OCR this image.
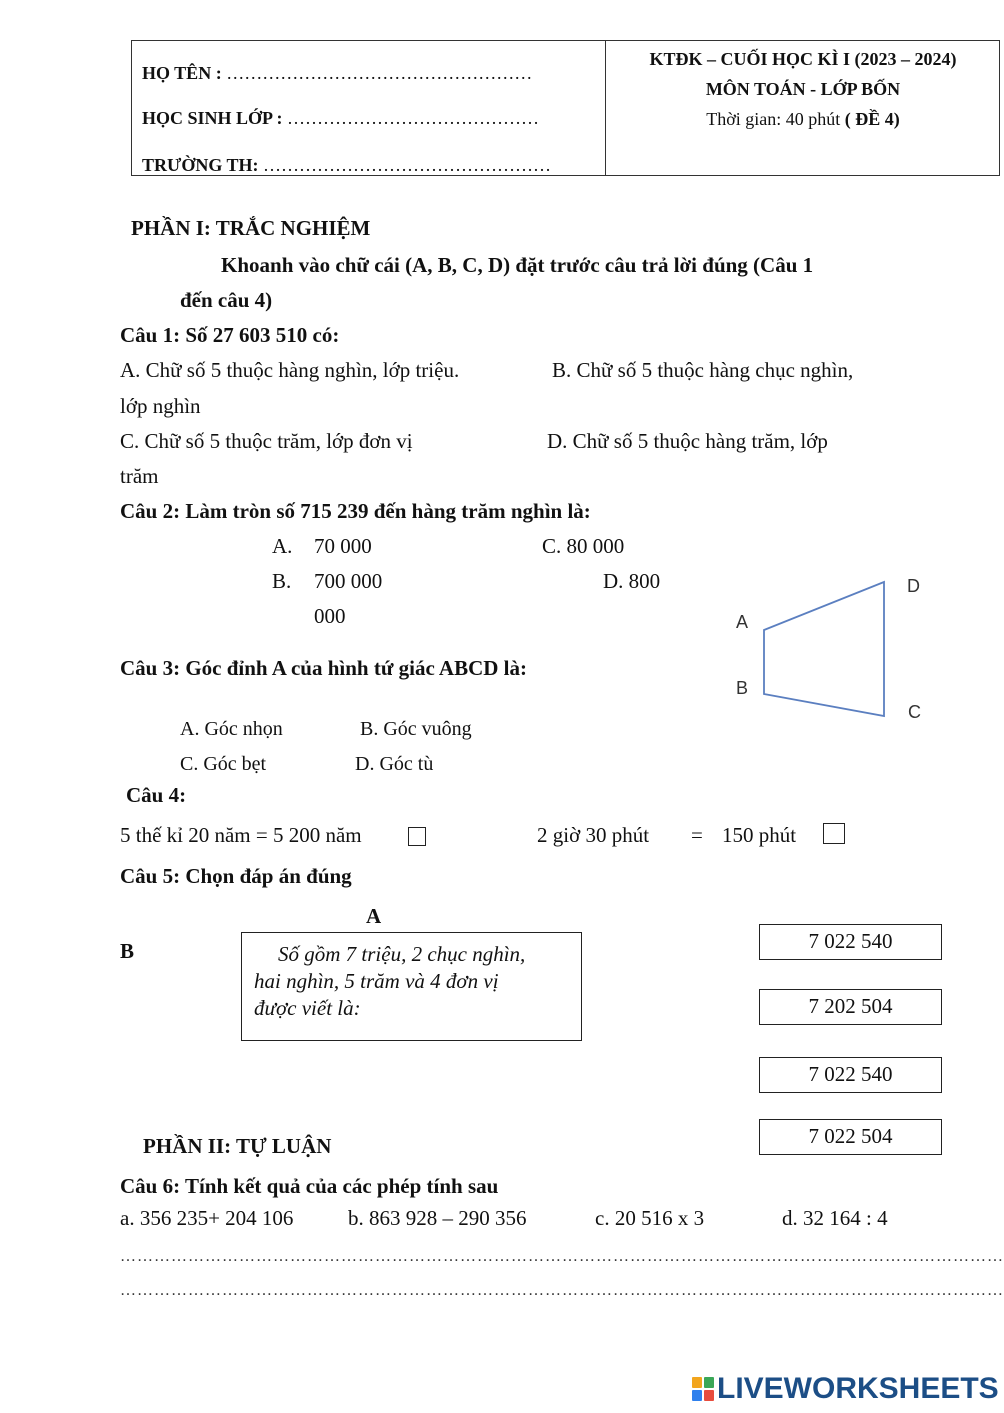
HỌ TÊN : ……………………………………………
HỌC SINH LỚP : ……………………………………
TRƯỜNG TH: …………………………………………
KTĐK – CUỐI HỌC KÌ I (2023 – 2024)
MÔN TOÁN - LỚP BỐN
Thời gian: 40 phút ( ĐỀ 4)
PHẦN I: TRẮC NGHIỆM
Khoanh vào chữ cái (A, B, C, D) đặt trước câu trả lời đúng (Câu 1
đến câu 4)
Câu 1: Số 27 603 510 có:
A. Chữ số 5 thuộc hàng nghìn, lớp triệu.	B. Chữ số 5 thuộc hàng chục nghìn,
lớp nghìn
C. Chữ số 5 thuộc trăm, lớp đơn vị	D. Chữ số 5 thuộc hàng trăm, lớp
trăm
Câu 2: Làm tròn số 715 239 đến hàng trăm nghìn là:
A. 70 000	C. 80 000
B. 700 000	D. 800
000	A
B
C
D
Câu 3: Góc đỉnh A của hình tứ giác ABCD là:
A. Góc nhọn	B. Góc vuông
C. Góc bẹt	D. Góc tù
Câu 4:
5 thế kỉ 20 năm = 5 200 năm	2 giờ 30 phút = 150 phút
Câu 5: Chọn đáp án đúng
A
B	Số gồm 7 triệu, 2 chục nghìn,
hai nghìn, 5 trăm và 4 đơn vị
được viết là:
7 022 540
7 202 504
7 022 540
7 022 504
PHẦN II: TỰ LUẬN
Câu 6: Tính kết quả của các phép tính sau
a. 356 235+ 204 106	b. 863 928 – 290 356	c. 20 516 x 3	d. 32 164 : 4
…………………………………………………………………………………………………………………………………………
…………………………………………………………………………………………………………………………………………
LIVEWORKSHEETS
